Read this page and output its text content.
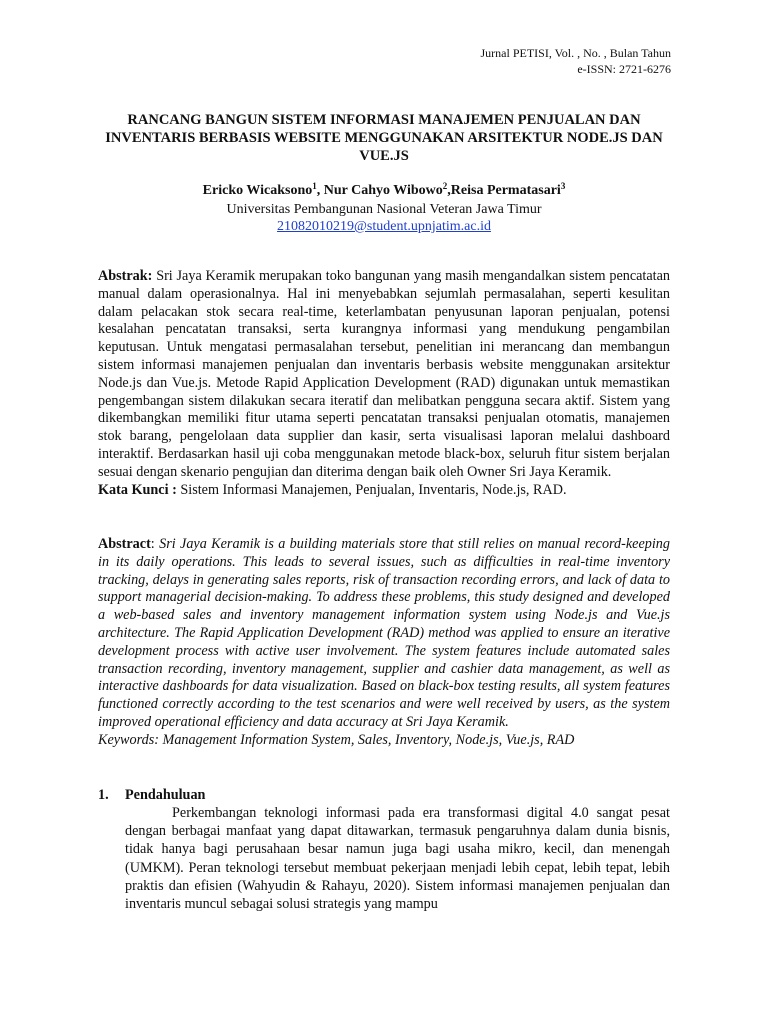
Jurnal PETISI, Vol. , No. , Bulan Tahun
e-ISSN: 2721-6276
RANCANG BANGUN SISTEM INFORMASI MANAJEMEN PENJUALAN DAN INVENTARIS BERBASIS WEBSITE MENGGUNAKAN ARSITEKTUR NODE.JS DAN VUE.JS
Ericko Wicaksono$^1$, Nur Cahyo Wibowo$^2$,Reisa Permatasari$^3$
Universitas Pembangunan Nasional Veteran Jawa Timur
21082010219@student.upnjatim.ac.id
Abstrak: Sri Jaya Keramik merupakan toko bangunan yang masih mengandalkan sistem pencatatan manual dalam operasionalnya. Hal ini menyebabkan sejumlah permasalahan, seperti kesulitan dalam pelacakan stok secara real-time, keterlambatan penyusunan laporan penjualan, potensi kesalahan pencatatan transaksi, serta kurangnya informasi yang mendukung pengambilan keputusan. Untuk mengatasi permasalahan tersebut, penelitian ini merancang dan membangun sistem informasi manajemen penjualan dan inventaris berbasis website menggunakan arsitektur Node.js dan Vue.js. Metode Rapid Application Development (RAD) digunakan untuk memastikan pengembangan sistem dilakukan secara iteratif dan melibatkan pengguna secara aktif. Sistem yang dikembangkan memiliki fitur utama seperti pencatatan transaksi penjualan otomatis, manajemen stok barang, pengelolaan data supplier dan kasir, serta visualisasi laporan melalui dashboard interaktif. Berdasarkan hasil uji coba menggunakan metode black-box, seluruh fitur sistem berjalan sesuai dengan skenario pengujian dan diterima dengan baik oleh Owner Sri Jaya Keramik.
Kata Kunci : Sistem Informasi Manajemen, Penjualan, Inventaris, Node.js, RAD.
Abstract: Sri Jaya Keramik is a building materials store that still relies on manual record-keeping in its daily operations. This leads to several issues, such as difficulties in real-time inventory tracking, delays in generating sales reports, risk of transaction recording errors, and lack of data to support managerial decision-making. To address these problems, this study designed and developed a web-based sales and inventory management information system using Node.js and Vue.js architecture. The Rapid Application Development (RAD) method was applied to ensure an iterative development process with active user involvement. The system features include automated sales transaction recording, inventory management, supplier and cashier data management, as well as interactive dashboards for data visualization. Based on black-box testing results, all system features functioned correctly according to the test scenarios and were well received by users, as the system improved operational efficiency and data accuracy at Sri Jaya Keramik.
Keywords: Management Information System, Sales, Inventory, Node.js, Vue.js, RAD
1. Pendahuluan
Perkembangan teknologi informasi pada era transformasi digital 4.0 sangat pesat dengan berbagai manfaat yang dapat ditawarkan, termasuk pengaruhnya dalam dunia bisnis, tidak hanya bagi perusahaan besar namun juga bagi usaha mikro, kecil, dan menengah (UMKM). Peran teknologi tersebut membuat pekerjaan menjadi lebih cepat, lebih tepat, lebih praktis dan efisien (Wahyudin & Rahayu, 2020). Sistem informasi manajemen penjualan dan inventaris muncul sebagai solusi strategis yang mampu
